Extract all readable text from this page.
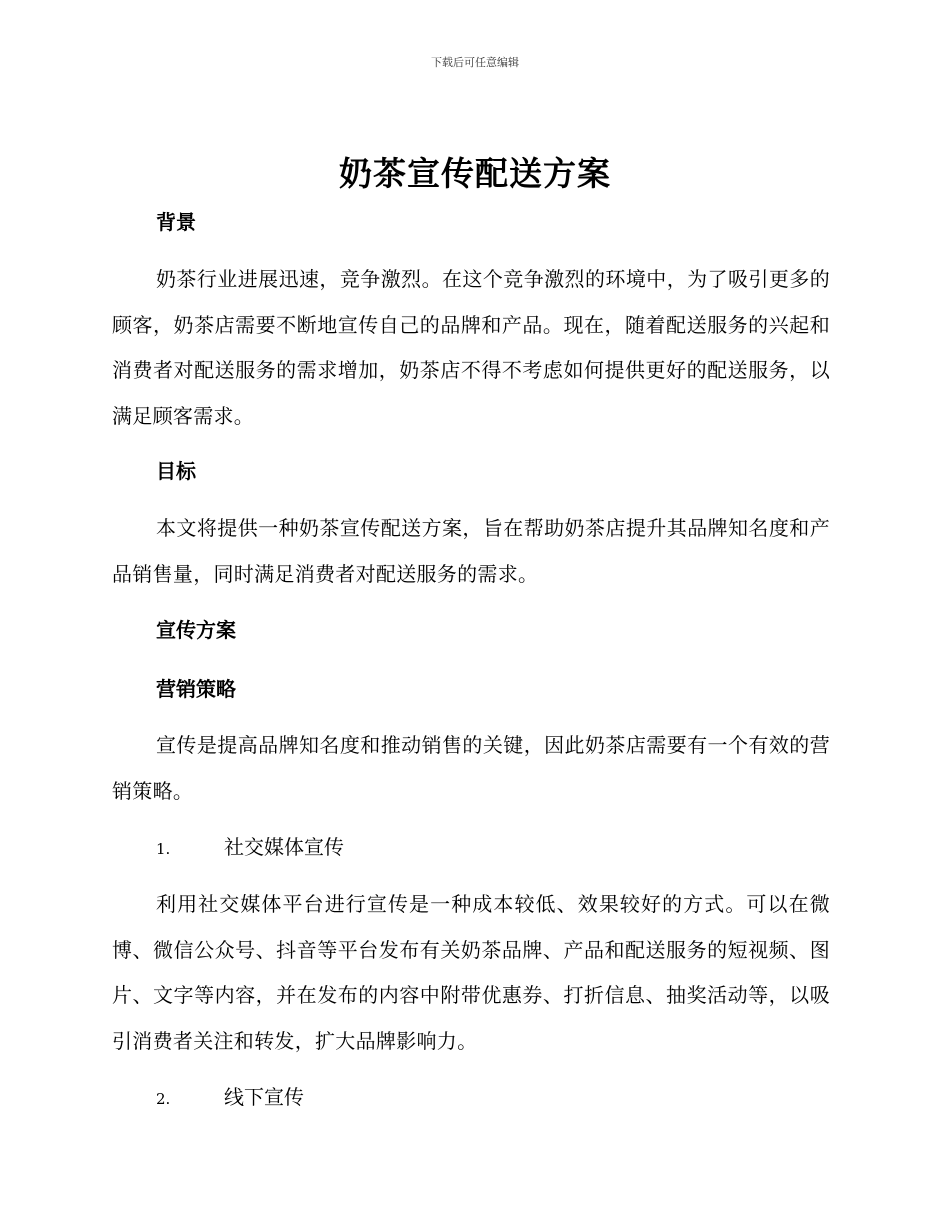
下载后可任意编辑
奶茶宣传配送方案
背景
奶茶行业进展迅速，竞争激烈。在这个竞争激烈的环境中，为了吸引更多的顾客，奶茶店需要不断地宣传自己的品牌和产品。现在，随着配送服务的兴起和消费者对配送服务的需求增加，奶茶店不得不考虑如何提供更好的配送服务，以满足顾客需求。
目标
本文将提供一种奶茶宣传配送方案，旨在帮助奶茶店提升其品牌知名度和产品销售量，同时满足消费者对配送服务的需求。
宣传方案
营销策略
宣传是提高品牌知名度和推动销售的关键，因此奶茶店需要有一个有效的营销策略。
1.	社交媒体宣传
利用社交媒体平台进行宣传是一种成本较低、效果较好的方式。可以在微博、微信公众号、抖音等平台发布有关奶茶品牌、产品和配送服务的短视频、图片、文字等内容，并在发布的内容中附带优惠券、打折信息、抽奖活动等，以吸引消费者关注和转发，扩大品牌影响力。
2.	线下宣传
